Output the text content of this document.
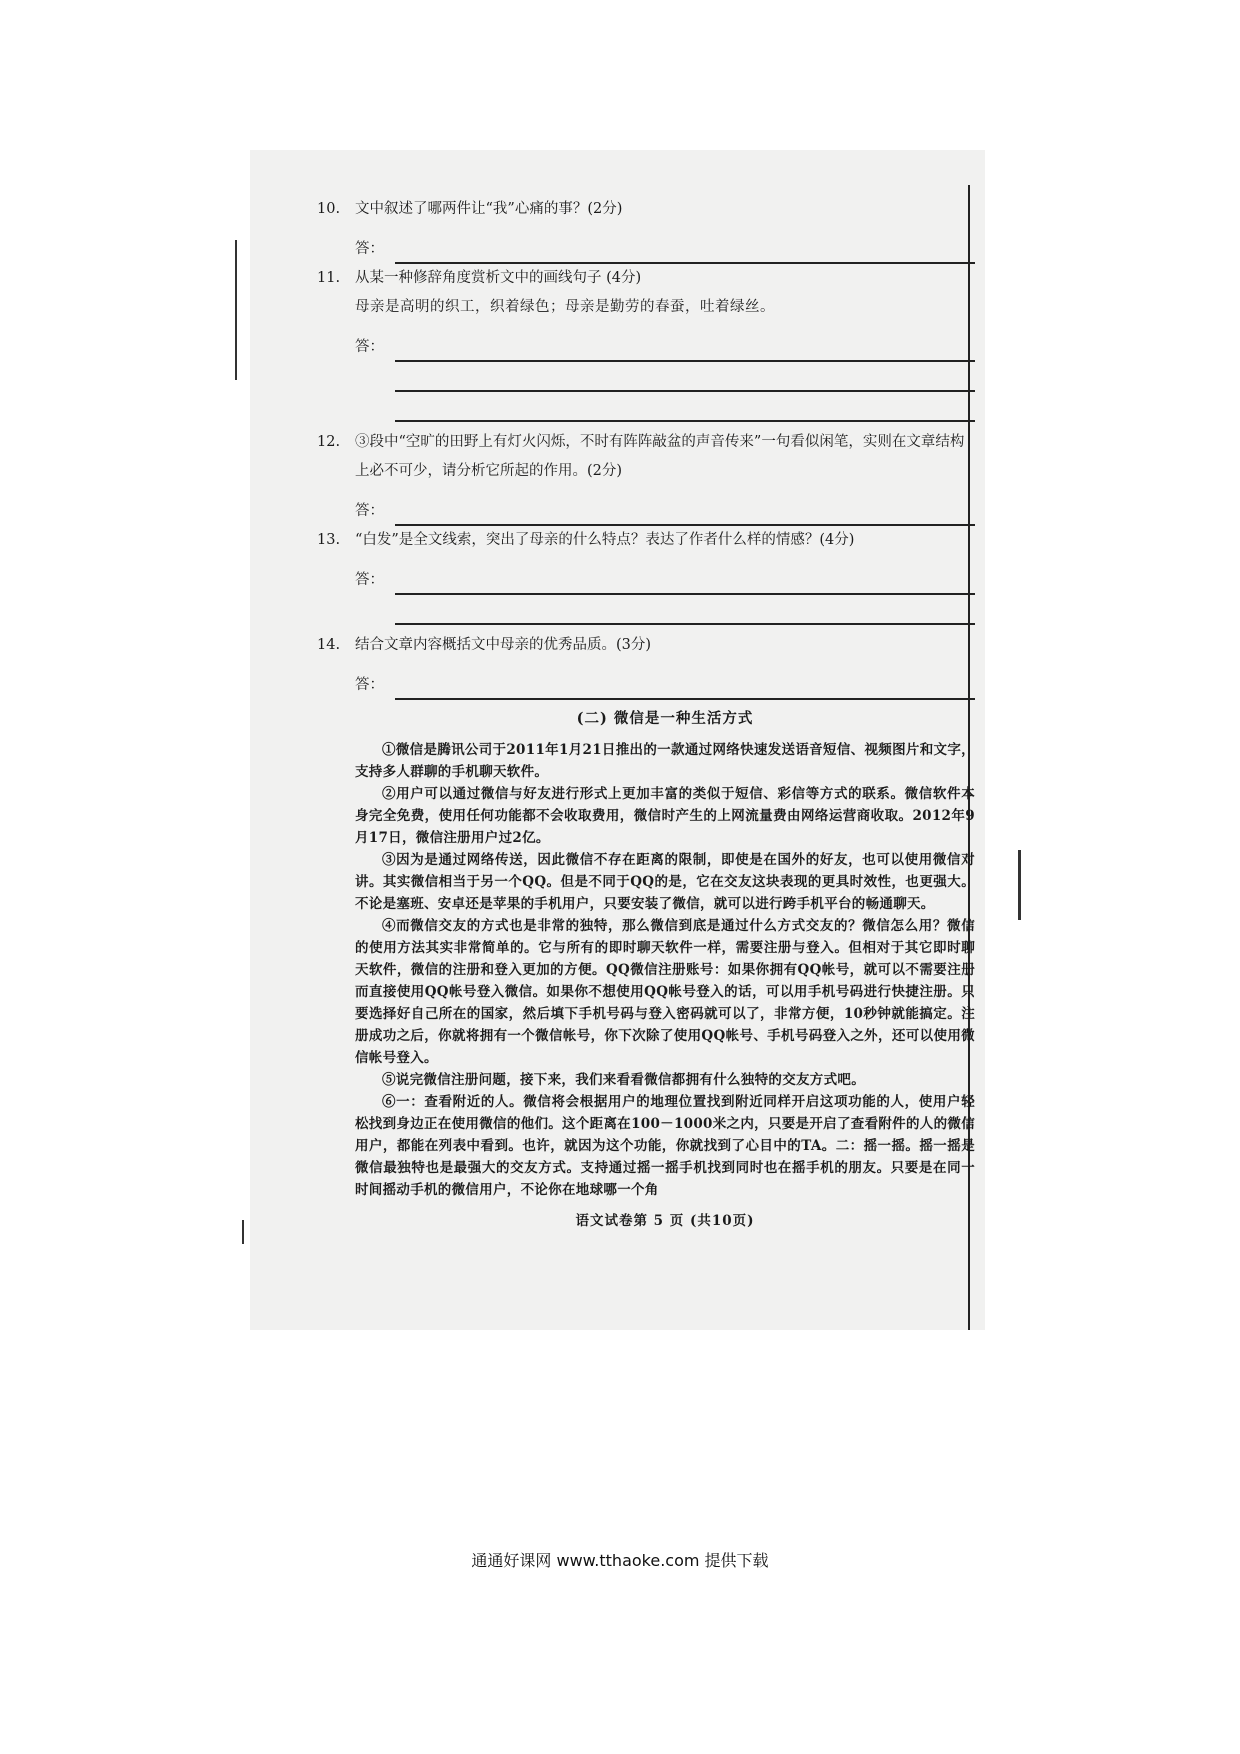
10. 文中叙述了哪两件让“我”心痛的事？(2分)

答：

11. 从某一种修辞角度赏析文中的画线句子 (4分)

母亲是高明的织工，织着绿色；母亲是勤劳的春蚕，吐着绿丝。

答：

12. ③段中“空旷的田野上有灯火闪烁，不时有阵阵敲盆的声音传来”一句看似闲笔，实则在文章结构上必不可少，请分析它所起的作用。(2分)

答：

13. “白发”是全文线索，突出了母亲的什么特点？表达了作者什么样的情感？(4分)

答：

14. 结合文章内容概括文中母亲的优秀品质。(3分)

答：
(二) 微信是一种生活方式

①微信是腾讯公司于2011年1月21日推出的一款通过网络快速发送语音短信、视频图片和文字，支持多人群聊的手机聊天软件。

②用户可以通过微信与好友进行形式上更加丰富的类似于短信、彩信等方式的联系。微信软件本身完全免费，使用任何功能都不会收取费用，微信时产生的上网流量费由网络运营商收取。2012年9月17日，微信注册用户过2亿。

③因为是通过网络传送，因此微信不存在距离的限制，即使是在国外的好友，也可以使用微信对讲。其实微信相当于另一个QQ。但是不同于QQ的是，它在交友这块表现的更具时效性，也更强大。不论是塞班、安卓还是苹果的手机用户，只要安装了微信，就可以进行跨手机平台的畅通聊天。

④而微信交友的方式也是非常的独特，那么微信到底是通过什么方式交友的？微信怎么用？微信的使用方法其实非常简单的。它与所有的即时聊天软件一样，需要注册与登入。但相对于其它即时聊天软件，微信的注册和登入更加的方便。QQ微信注册账号：如果你拥有QQ帐号，就可以不需要注册而直接使用QQ帐号登入微信。如果你不想使用QQ帐号登入的话，可以用手机号码进行快捷注册。只要选择好自己所在的国家，然后填下手机号码与登入密码就可以了，非常方便，10秒钟就能搞定。注册成功之后，你就将拥有一个微信帐号，你下次除了使用QQ帐号、手机号码登入之外，还可以使用微信帐号登入。

⑤说完微信注册问题，接下来，我们来看看微信都拥有什么独特的交友方式吧。

⑥一：查看附近的人。微信将会根据用户的地理位置找到附近同样开启这项功能的人，使用户轻松找到身边正在使用微信的他们。这个距离在100－1000米之内，只要是开启了查看附件的人的微信用户，都能在列表中看到。也许，就因为这个功能，你就找到了心目中的TA。二：摇一摇。摇一摇是微信最独特也是最强大的交友方式。支持通过摇一摇手机找到同时也在摇手机的朋友。只要是在同一时间摇动手机的微信用户，不论你在地球哪一个角

语文试卷第 5 页 (共10页)
通通好课网 www.tthaoke.com 提供下载
